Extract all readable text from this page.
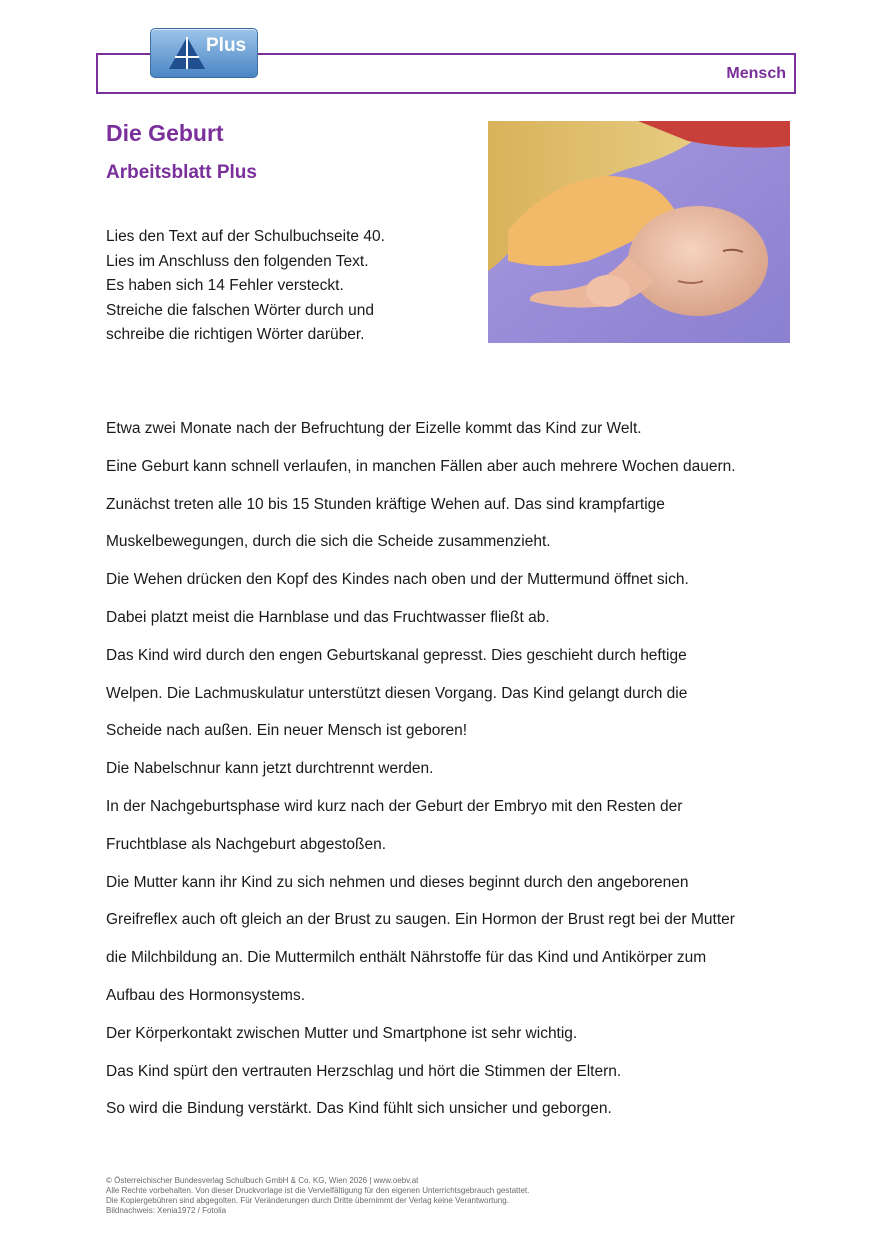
Mensch
Plus
Die Geburt
Arbeitsblatt Plus
Lies den Text auf der Schulbuchseite 40.
Lies im Anschluss den folgenden Text.
Es haben sich 14 Fehler versteckt.
Streiche die falschen Wörter durch und
schreibe die richtigen Wörter darüber.
Etwa zwei Monate nach der Befruchtung der Eizelle kommt das Kind zur Welt.
Eine Geburt kann schnell verlaufen, in manchen Fällen aber auch mehrere Wochen dauern.
Zunächst treten alle 10 bis 15 Stunden kräftige Wehen auf. Das sind krampfartige
Muskelbewegungen, durch die sich die Scheide zusammenzieht.
Die Wehen drücken den Kopf des Kindes nach oben und der Muttermund öffnet sich.
Dabei platzt meist die Harnblase und das Fruchtwasser fließt ab.
Das Kind wird durch den engen Geburtskanal gepresst. Dies geschieht durch heftige
Welpen. Die Lachmuskulatur unterstützt diesen Vorgang. Das Kind gelangt durch die
Scheide nach außen. Ein neuer Mensch ist geboren!
Die Nabelschnur kann jetzt durchtrennt werden.
In der Nachgeburtsphase wird kurz nach der Geburt der Embryo mit den Resten der
Fruchtblase als Nachgeburt abgestoßen.
Die Mutter kann ihr Kind zu sich nehmen und dieses beginnt durch den angeborenen
Greifreflex auch oft gleich an der Brust zu saugen. Ein Hormon der Brust regt bei der Mutter
die Milchbildung an. Die Muttermilch enthält Nährstoffe für das Kind und Antikörper zum
Aufbau des Hormonsystems.
Der Körperkontakt zwischen Mutter und Smartphone ist sehr wichtig.
Das Kind spürt den vertrauten Herzschlag und hört die Stimmen der Eltern.
So wird die Bindung verstärkt. Das Kind fühlt sich unsicher und geborgen.
© Österreichischer Bundesverlag Schulbuch GmbH & Co. KG, Wien 2026 | www.oebv.at
Alle Rechte vorbehalten. Von dieser Druckvorlage ist die Vervielfältigung für den eigenen Unterrichtsgebrauch gestattet.
Die Kopiergebühren sind abgegolten. Für Veränderungen durch Dritte übernimmt der Verlag keine Verantwortung.
Bildnachweis: Xenia1972 / Fotolia
